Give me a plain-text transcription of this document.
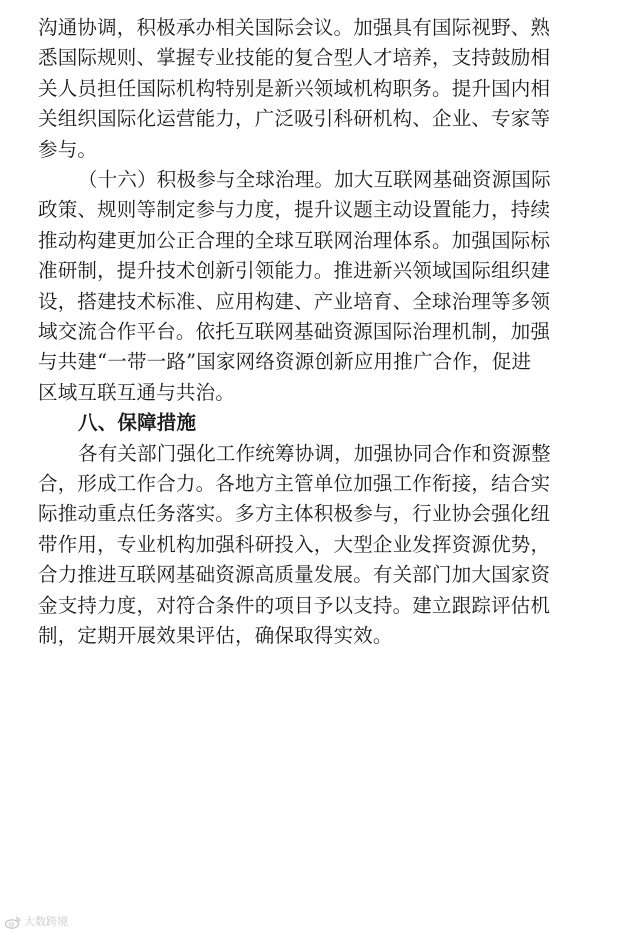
沟通协调，积极承办相关国际会议。加强具有国际视野、熟
悉国际规则、掌握专业技能的复合型人才培养，支持鼓励相
关人员担任国际机构特别是新兴领域机构职务。提升国内相
关组织国际化运营能力，广泛吸引科研机构、企业、专家等
参与。
（十六）积极参与全球治理。加大互联网基础资源国际
政策、规则等制定参与力度，提升议题主动设置能力，持续
推动构建更加公正合理的全球互联网治理体系。加强国际标
准研制，提升技术创新引领能力。推进新兴领域国际组织建
设，搭建技术标准、应用构建、产业培育、全球治理等多领
域交流合作平台。依托互联网基础资源国际治理机制，加强
与共建“一带一路”国家网络资源创新应用推广合作，促进
区域互联互通与共治。
八、保障措施
各有关部门强化工作统筹协调，加强协同合作和资源整
合，形成工作合力。各地方主管单位加强工作衔接，结合实
际推动重点任务落实。多方主体积极参与，行业协会强化纽
带作用，专业机构加强科研投入，大型企业发挥资源优势，
合力推进互联网基础资源高质量发展。有关部门加大国家资
金支持力度，对符合条件的项目予以支持。建立跟踪评估机
制，定期开展效果评估，确保取得实效。
大数跨境
